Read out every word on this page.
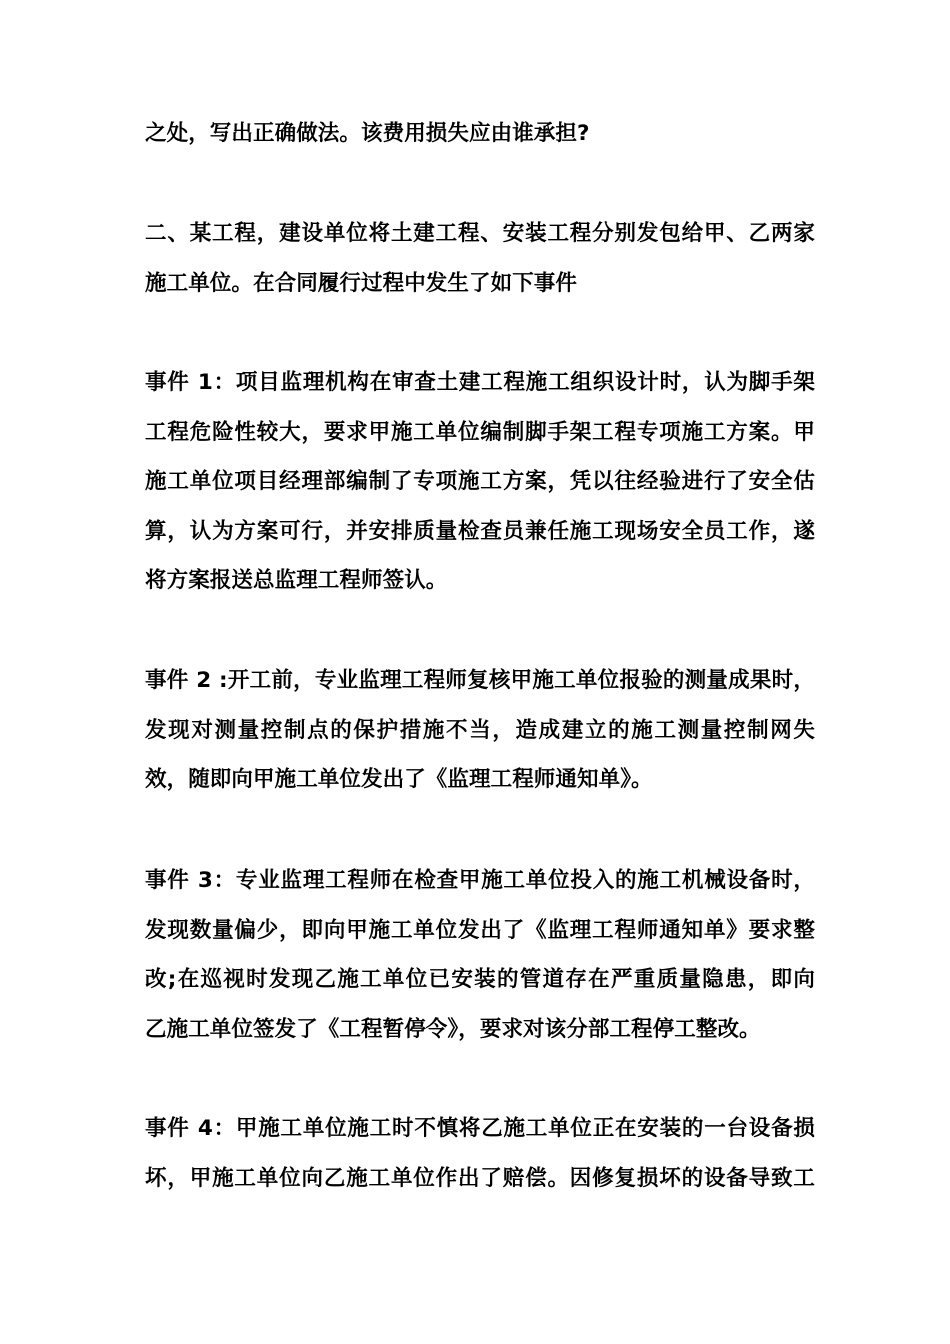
之处，写出正确做法。该费用损失应由谁承担?
二、某工程，建设单位将土建工程、安装工程分别发包给甲、乙两家
施工单位。在合同履行过程中发生了如下事件
事件 1：项目监理机构在审查土建工程施工组织设计时，认为脚手架
工程危险性较大，要求甲施工单位编制脚手架工程专项施工方案。甲
施工单位项目经理部编制了专项施工方案，凭以往经验进行了安全估
算，认为方案可行，并安排质量检查员兼任施工现场安全员工作，遂
将方案报送总监理工程师签认。
事件 2 :开工前，专业监理工程师复核甲施工单位报验的测量成果时，
发现对测量控制点的保护措施不当，造成建立的施工测量控制网失
效，随即向甲施工单位发出了《监理工程师通知单》。
事件 3：专业监理工程师在检查甲施工单位投入的施工机械设备时，
发现数量偏少，即向甲施工单位发出了《监理工程师通知单》要求整
改;在巡视时发现乙施工单位已安装的管道存在严重质量隐患，即向
乙施工单位签发了《工程暂停令》，要求对该分部工程停工整改。
事件 4：甲施工单位施工时不慎将乙施工单位正在安装的一台设备损
坏，甲施工单位向乙施工单位作出了赔偿。因修复损坏的设备导致工
